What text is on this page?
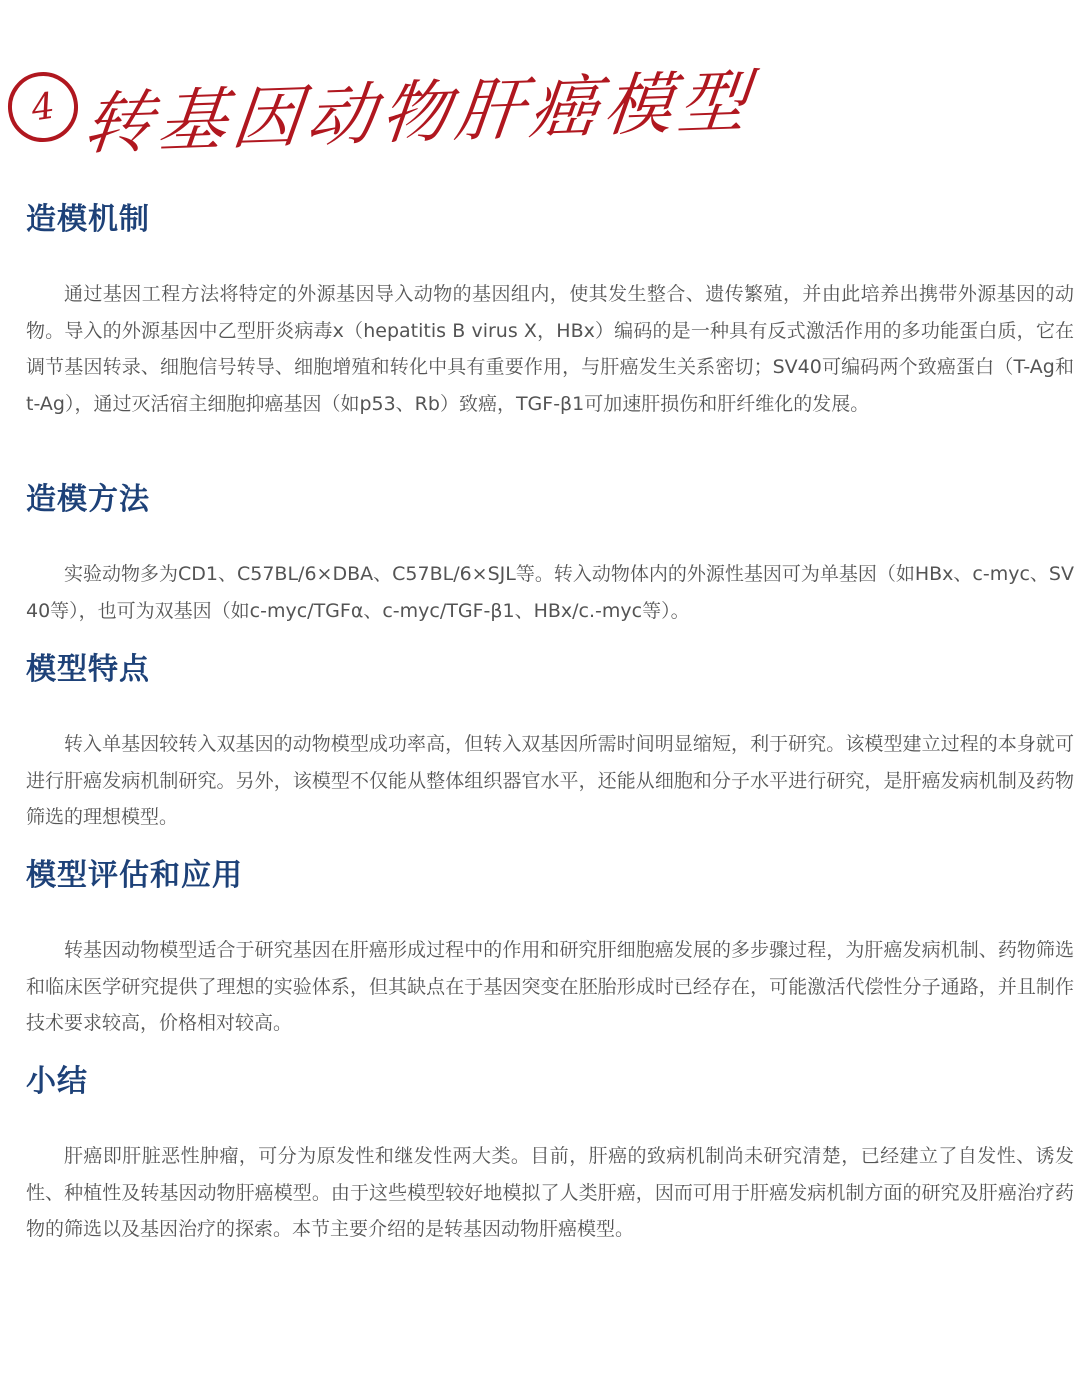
4 转基因动物肝癌模型
造模机制

通过基因工程方法将特定的外源基因导入动物的基因组内，使其发生整合、遗传繁殖，并由此培养出携带外源基因的动物。导入的外源基因中乙型肝炎病毒x（hepatitis B virus X，HBx）编码的是一种具有反式激活作用的多功能蛋白质，它在调节基因转录、细胞信号转导、细胞增殖和转化中具有重要作用，与肝癌发生关系密切；SV40可编码两个致癌蛋白（T-Ag和t-Ag），通过灭活宿主细胞抑癌基因（如p53、Rb）致癌，TGF-β1可加速肝损伤和肝纤维化的发展。

造模方法

实验动物多为CD1、C57BL/6×DBA、C57BL/6×SJL等。转入动物体内的外源性基因可为单基因（如HBx、c-myc、SV40等），也可为双基因（如c-myc/TGFα、c-myc/TGF-β1、HBx/c.-myc等）。

模型特点

转入单基因较转入双基因的动物模型成功率高，但转入双基因所需时间明显缩短，利于研究。该模型建立过程的本身就可进行肝癌发病机制研究。另外，该模型不仅能从整体组织器官水平，还能从细胞和分子水平进行研究，是肝癌发病机制及药物筛选的理想模型。

模型评估和应用

转基因动物模型适合于研究基因在肝癌形成过程中的作用和研究肝细胞癌发展的多步骤过程，为肝癌发病机制、药物筛选和临床医学研究提供了理想的实验体系，但其缺点在于基因突变在胚胎形成时已经存在，可能激活代偿性分子通路，并且制作技术要求较高，价格相对较高。

小结

肝癌即肝脏恶性肿瘤，可分为原发性和继发性两大类。目前，肝癌的致病机制尚未研究清楚，已经建立了自发性、诱发性、种植性及转基因动物肝癌模型。由于这些模型较好地模拟了人类肝癌，因而可用于肝癌发病机制方面的研究及肝癌治疗药物的筛选以及基因治疗的探索。本节主要介绍的是转基因动物肝癌模型。
